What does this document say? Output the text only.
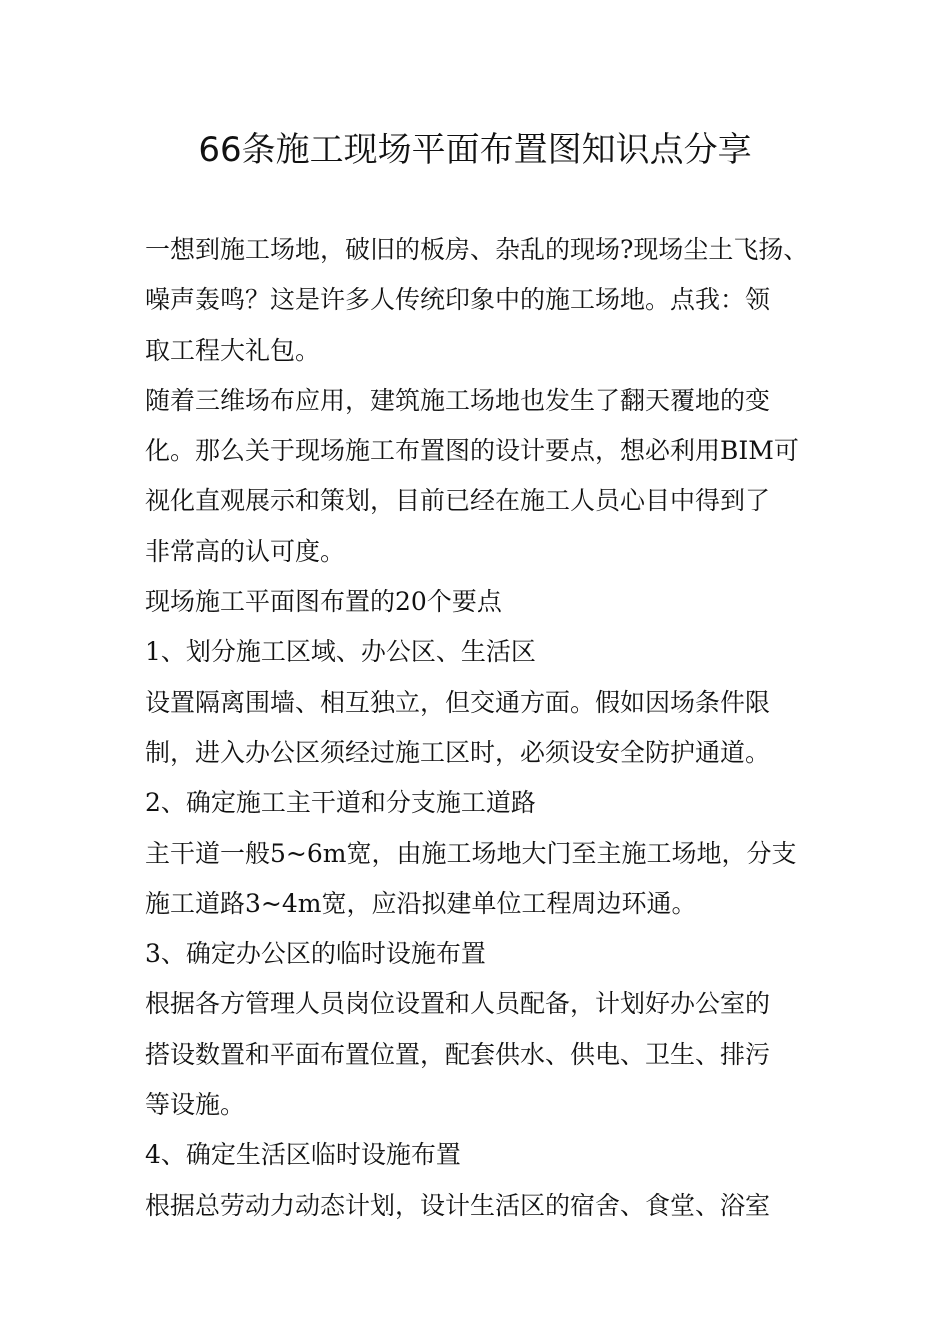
66条施工现场平面布置图知识点分享
一想到施工场地，破旧的板房、杂乱的现场?现场尘土飞扬、
噪声轰鸣？这是许多人传统印象中的施工场地。点我：领
取工程大礼包。
随着三维场布应用，建筑施工场地也发生了翻天覆地的变
化。那么关于现场施工布置图的设计要点，想必利用BIM可
视化直观展示和策划，目前已经在施工人员心目中得到了
非常高的认可度。
现场施工平面图布置的20个要点
1、划分施工区域、办公区、生活区
设置隔离围墙、相互独立，但交通方面。假如因场条件限
制，进入办公区须经过施工区时，必须设安全防护通道。
2、确定施工主干道和分支施工道路
主干道一般5~6m宽，由施工场地大门至主施工场地，分支
施工道路3~4m宽，应沿拟建单位工程周边环通。
3、确定办公区的临时设施布置
根据各方管理人员岗位设置和人员配备，计划好办公室的
搭设数置和平面布置位置，配套供水、供电、卫生、排污
等设施。
4、确定生活区临时设施布置
根据总劳动力动态计划，设计生活区的宿舍、食堂、浴室
